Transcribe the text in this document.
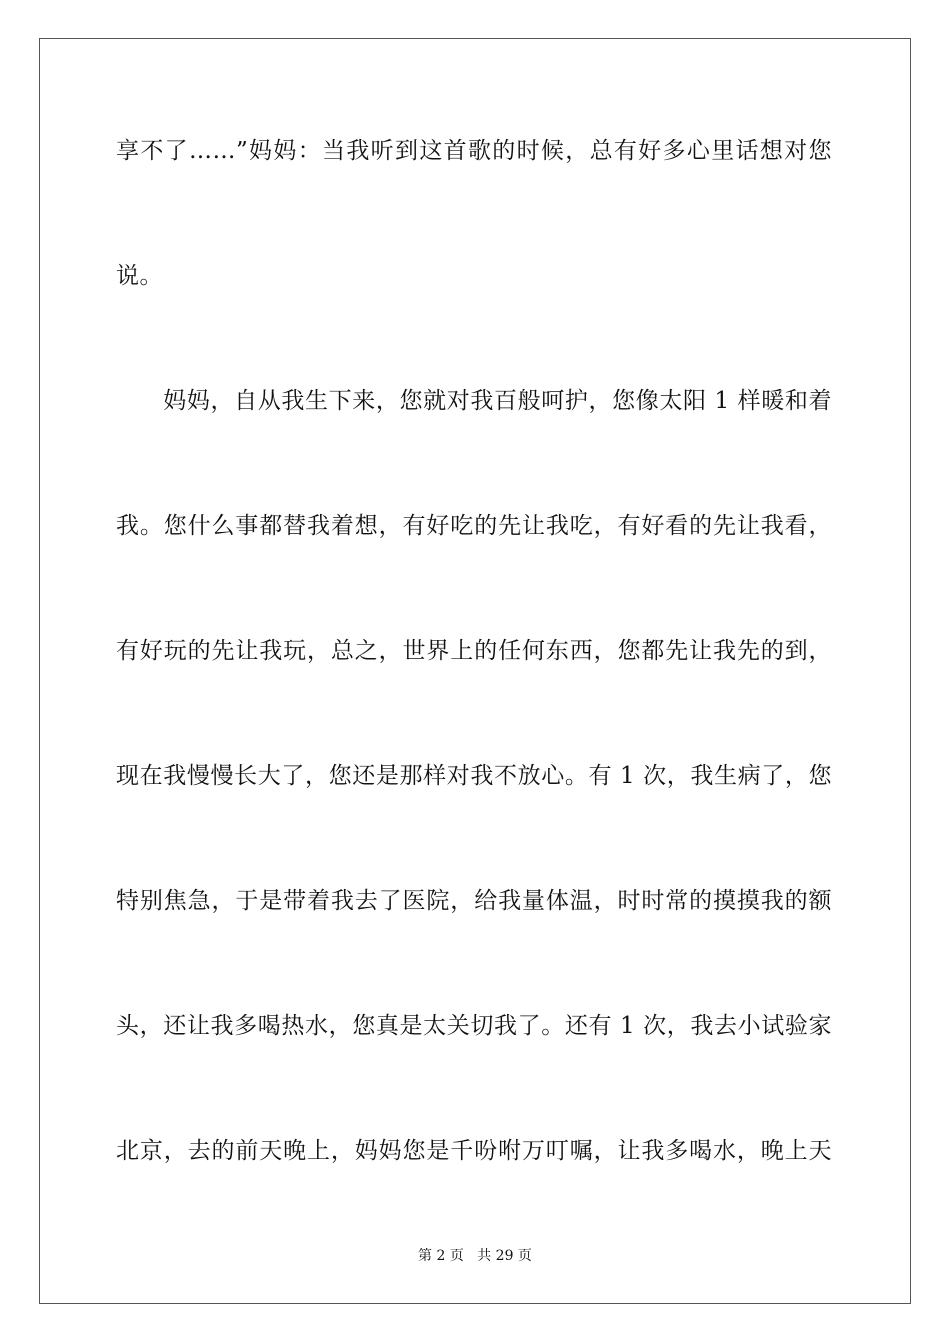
享不了……”妈妈：当我听到这首歌的时候，总有好多心里话想对您
说。
　　妈妈，自从我生下来，您就对我百般呵护，您像太阳 1 样暖和着
我。您什么事都替我着想，有好吃的先让我吃，有好看的先让我看，
有好玩的先让我玩，总之，世界上的任何东西，您都先让我先的到，
现在我慢慢长大了，您还是那样对我不放心。有 1 次，我生病了，您
特别焦急，于是带着我去了医院，给我量体温，时时常的摸摸我的额
头，还让我多喝热水，您真是太关切我了。还有 1 次，我去小试验家
北京，去的前天晚上，妈妈您是千吩咐万叮嘱，让我多喝水，晚上天
第 2 页 共 29 页
